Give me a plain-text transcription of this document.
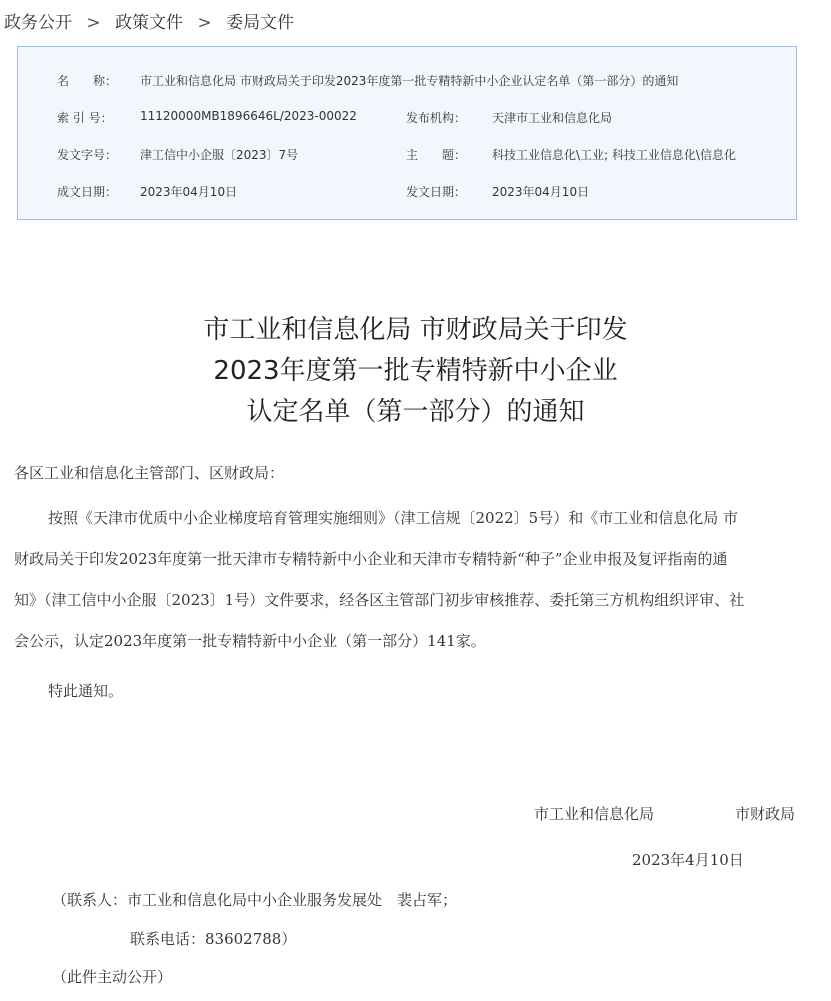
政务公开 > 政策文件 > 委局文件
名　　称： 市工业和信息化局 市财政局关于印发2023年度第一批专精特新中小企业认定名单（第一部分）的通知
索 引 号： 11120000MB1896646L/2023-00022	发布机构： 天津市工业和信息化局
发文字号： 津工信中小企服〔2023〕7号	主　　题： 科技工业信息化\工业; 科技工业信息化\信息化
成文日期： 2023年04月10日	发文日期： 2023年04月10日
市工业和信息化局 市财政局关于印发
2023年度第一批专精特新中小企业
认定名单（第一部分）的通知
各区工业和信息化主管部门、区财政局：
按照《天津市优质中小企业梯度培育管理实施细则》（津工信规〔2022〕5号）和《市工业和信息化局 市
财政局关于印发2023年度第一批天津市专精特新中小企业和天津市专精特新“种子”企业申报及复评指南的通
知》（津工信中小企服〔2023〕1号）文件要求，经各区主管部门初步审核推荐、委托第三方机构组织评审、社
会公示，认定2023年度第一批专精特新中小企业（第一部分）141家。
特此通知。
市工业和信息化局	市财政局
2023年4月10日
（联系人：市工业和信息化局中小企业服务发展处　裴占军；
联系电话：83602788）
（此件主动公开）
